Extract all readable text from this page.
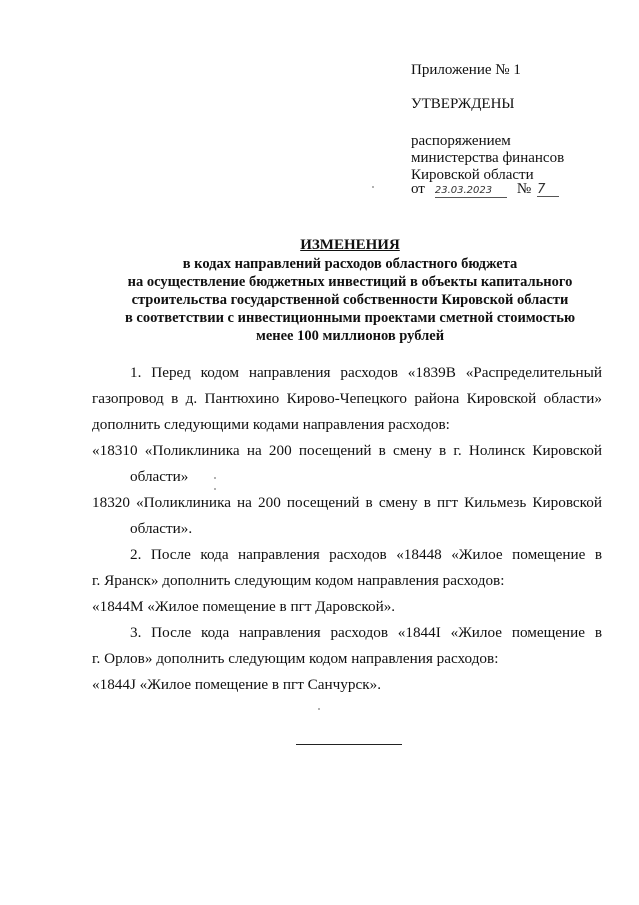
Приложение № 1
УТВЕРЖДЕНЫ
распоряжением
министерства финансов
Кировской области
от 23.03.2023	№ 7
ИЗМЕНЕНИЯ
в кодах направлений расходов областного бюджета
на осуществление бюджетных инвестиций в объекты капитального
строительства государственной собственности Кировской области
в соответствии с инвестиционными проектами сметной стоимостью
менее 100 миллионов рублей
1. Перед кодом направления расходов «1839В «Распределительный
газопровод в д. Пантюхино Кирово-Чепецкого района Кировской области»
дополнить следующими кодами направления расходов:
«18310 «Поликлиника на 200 посещений в смену в г. Нолинск Кировской
области»
18320 «Поликлиника на 200 посещений в смену в пгт Кильмезь Кировской
области».
2. После кода направления расходов «18448 «Жилое помещение в
г. Яранск» дополнить следующим кодом направления расходов:
«1844M «Жилое помещение в пгт Даровской».
3. После кода направления расходов «1844I «Жилое помещение в
г. Орлов» дополнить следующим кодом направления расходов:
«1844J «Жилое помещение в пгт Санчурск».
